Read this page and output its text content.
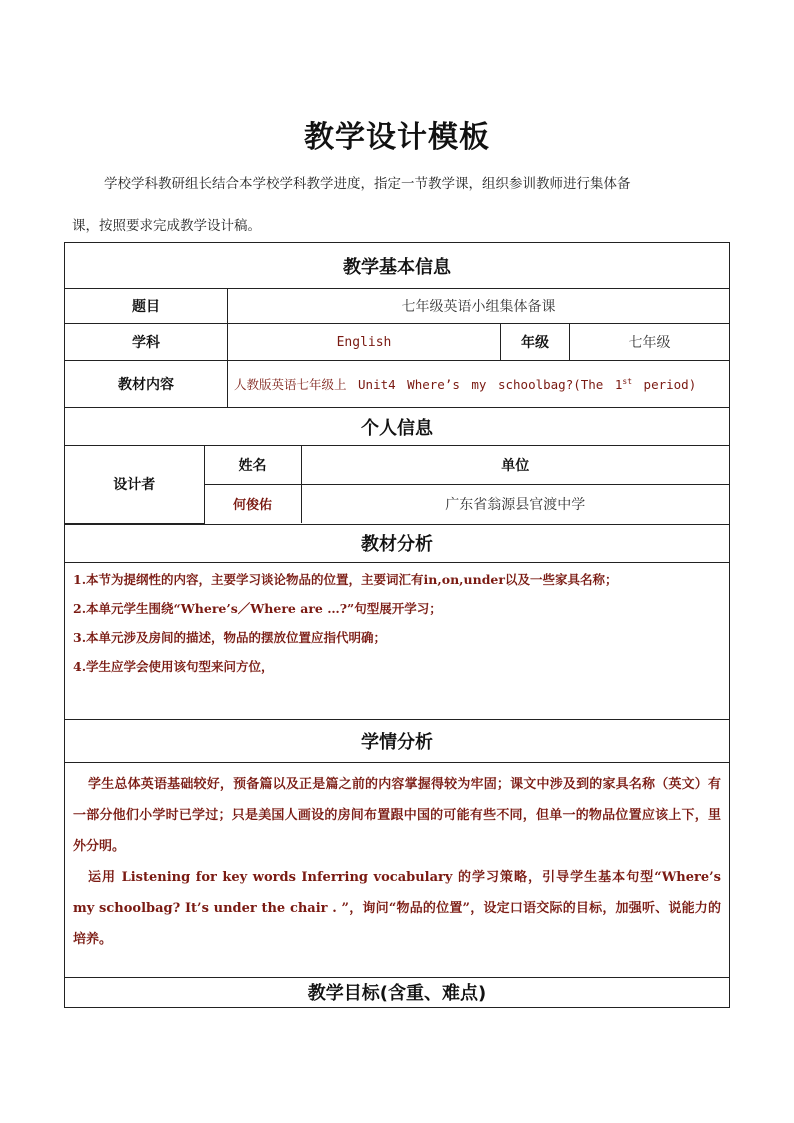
教学设计模板
学校学科教研组长结合本学校学科教学进度，指定一节教学课，组织参训教师进行集体备
课，按照要求完成教学设计稿。
教学基本信息
题目	七年级英语小组集体备课
学科	English	年级	七年级
教材内容	人教版英语七年级上 Unit4 Where’s my schoolbag?(The 1st period)
个人信息

设计者	姓名	单位
何俊佑	广东省翁源县官渡中学

教材分析

1.本节为提纲性的内容，主要学习谈论物品的位置，主要词汇有in,on,under以及一些家具名称；

2.本单元学生围绕“Where’s／Where are …?”句型展开学习；

3.本单元涉及房间的描述，物品的摆放位置应指代明确；

4.学生应学会使用该句型来问方位，

学情分析

学生总体英语基础较好，预备篇以及正是篇之前的内容掌握得较为牢固；课文中涉及到的家具名称（英文）有一部分他们小学时已学过；只是美国人画设的房间布置跟中国的可能有些不同，但单一的物品位置应该上下，里外分明。

运用 Listening for key words Inferring vocabulary 的学习策略，引导学生基本句型“Where’s my schoolbag? It’s under the chair . ”，询问“物品的位置”，设定口语交际的目标，加强听、说能力的培养。

教学目标(含重、难点)
